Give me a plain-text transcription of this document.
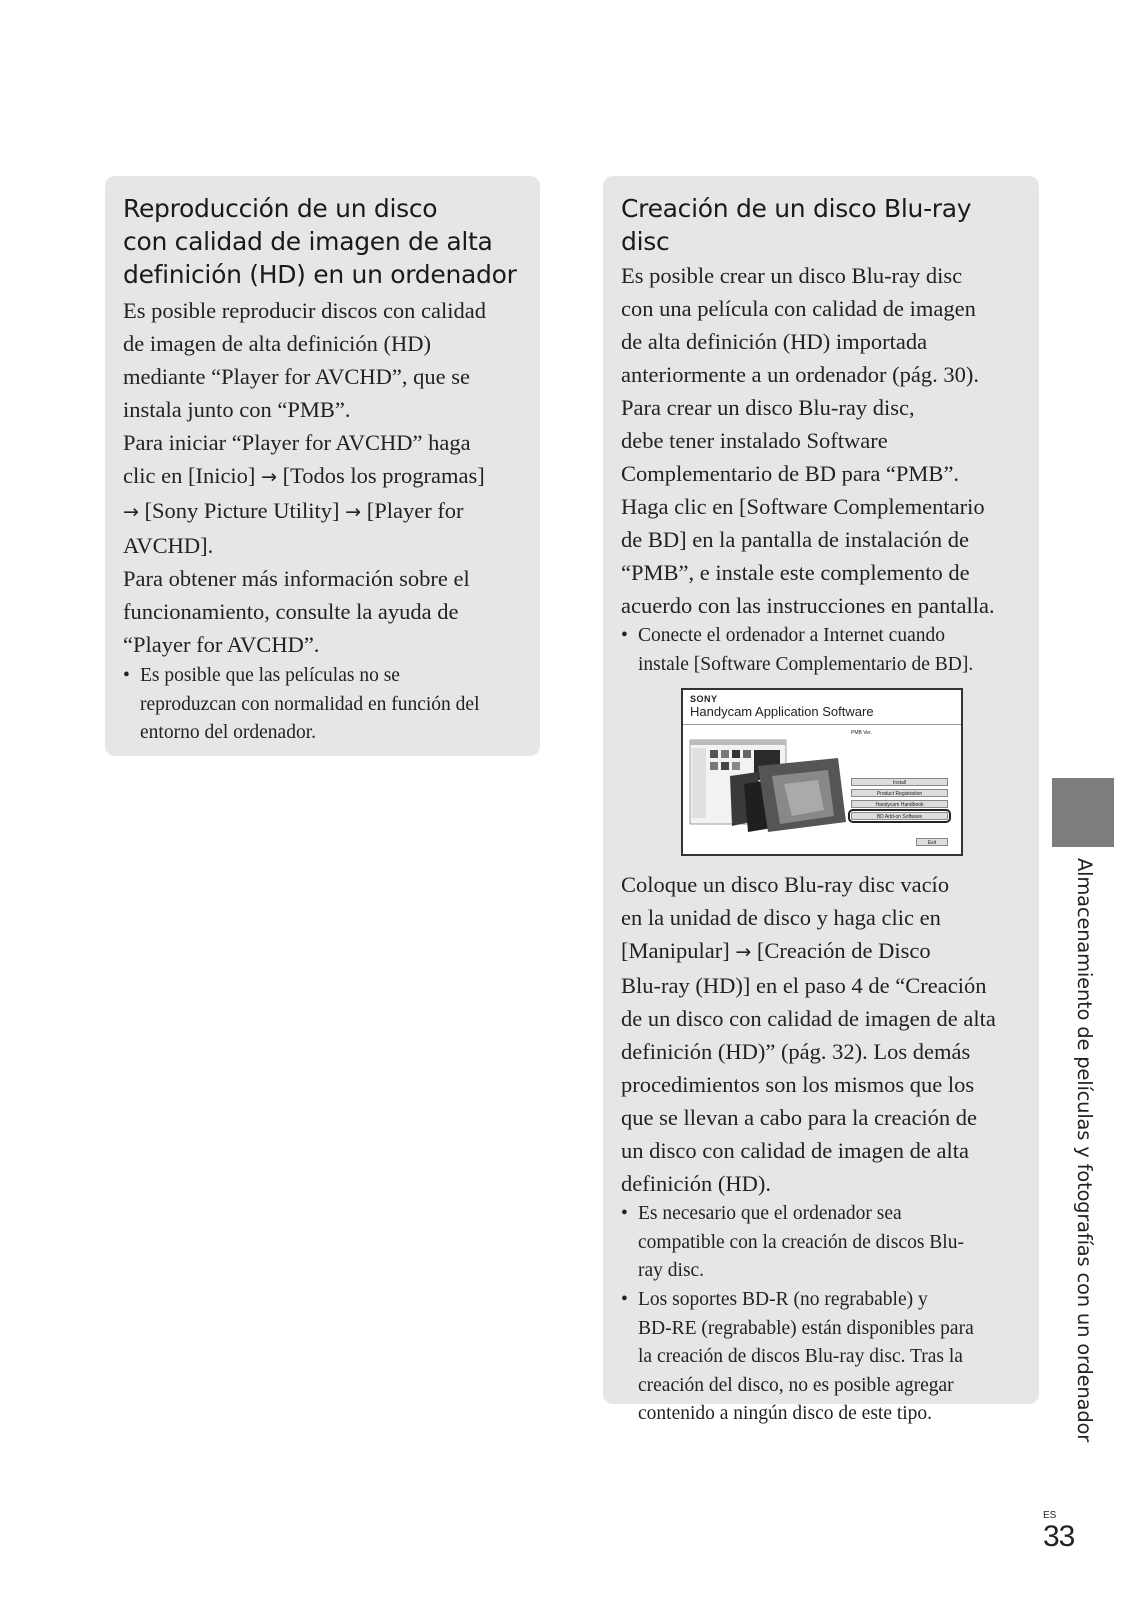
Reproducción de un disco
con calidad de imagen de alta
definición (HD) en un ordenador
Es posible reproducir discos con calidad
de imagen de alta definición (HD)
mediante “Player for AVCHD”, que se
instala junto con “PMB”.
Para iniciar “Player for AVCHD” haga
clic en [Inicio] → [Todos los programas]
→ [Sony Picture Utility] → [Player for
AVCHD].
Para obtener más información sobre el
funcionamiento, consulte la ayuda de
“Player for AVCHD”.
• Es posible que las películas no se
reproduzcan con normalidad en función del
entorno del ordenador.
Creación de un disco Blu-ray disc
Es posible crear un disco Blu-ray disc
con una película con calidad de imagen
de alta definición (HD) importada
anteriormente a un ordenador (pág. 30).
Para crear un disco Blu-ray disc,
debe tener instalado Software
Complementario de BD para “PMB”.
Haga clic en [Software Complementario
de BD] en la pantalla de instalación de
“PMB”, e instale este complemento de
acuerdo con las instrucciones en pantalla.
• Conecte el ordenador a Internet cuando
instale [Software Complementario de BD].
SONY
Handycam Application Software
PMB Ver.
Install
Product Registration
Handycam Handbook
BD Add-on Software
Exit
Coloque un disco Blu-ray disc vacío
en la unidad de disco y haga clic en
[Manipular] → [Creación de Disco
Blu-ray (HD)] en el paso 4 de “Creación
de un disco con calidad de imagen de alta
definición (HD)” (pág. 32). Los demás
procedimientos son los mismos que los
que se llevan a cabo para la creación de
un disco con calidad de imagen de alta
definición (HD).
• Es necesario que el ordenador sea
compatible con la creación de discos Blu-
ray disc.
• Los soportes BD-R (no regrabable) y
BD-RE (regrabable) están disponibles para
la creación de discos Blu-ray disc. Tras la
creación del disco, no es posible agregar
contenido a ningún disco de este tipo.	Almacenamiento de películas y fotografías con un ordenador
ES
33
